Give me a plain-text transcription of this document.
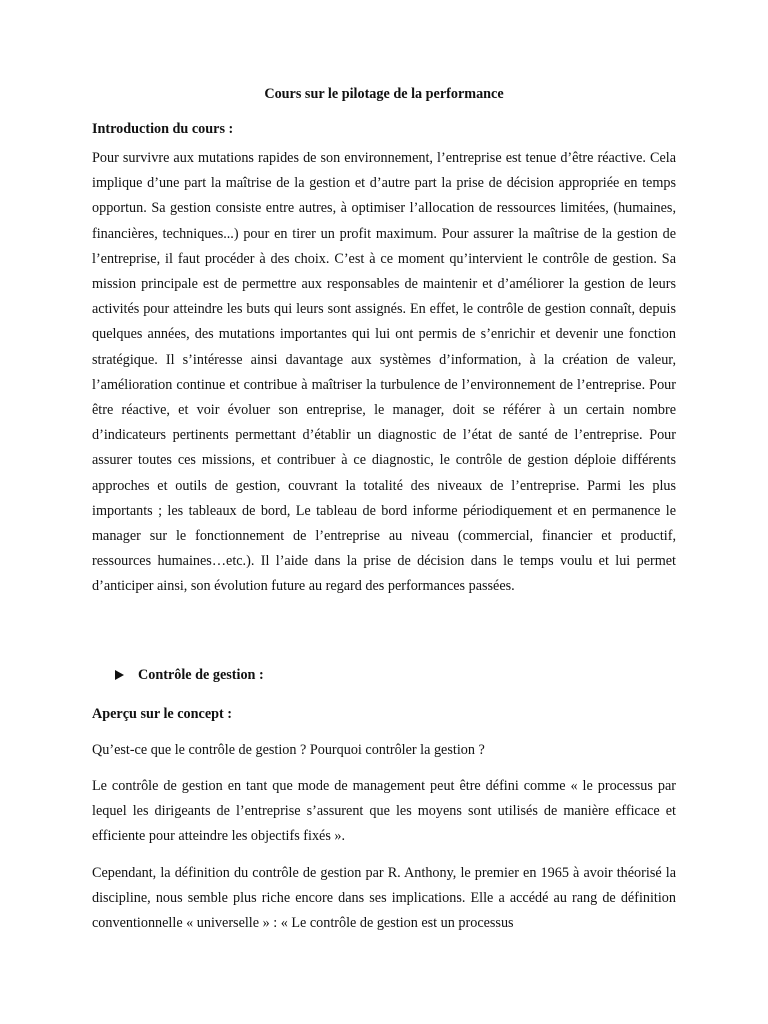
Cours sur le pilotage de la performance
Introduction du cours :

Pour survivre aux mutations rapides de son environnement, l’entreprise est tenue d’être réactive. Cela implique d’une part la maîtrise de la gestion et d’autre part la prise de décision appropriée en temps opportun. Sa gestion consiste entre autres, à optimiser l’allocation de ressources limitées, (humaines, financières, techniques...) pour en tirer un profit maximum. Pour assurer la maîtrise de la gestion de l’entreprise, il faut procéder à des choix. C’est à ce moment qu’intervient le contrôle de gestion. Sa mission principale est de permettre aux responsables de maintenir et d’améliorer la gestion de leurs activités pour atteindre les buts qui leurs sont assignés. En effet, le contrôle de gestion connaît, depuis quelques années, des mutations importantes qui lui ont permis de s’enrichir et devenir une fonction stratégique. Il s’intéresse ainsi davantage aux systèmes d’information, à la création de valeur, l’amélioration continue et contribue à maîtriser la turbulence de l’environnement de l’entreprise. Pour être réactive, et voir évoluer son entreprise, le manager, doit se référer à un certain nombre d’indicateurs pertinents permettant d’établir un diagnostic de l’état de santé de l’entreprise. Pour assurer toutes ces missions, et contribuer à ce diagnostic, le contrôle de gestion déploie différents approches et outils de gestion, couvrant la totalité des niveaux de l’entreprise. Parmi les plus importants ; les tableaux de bord, Le tableau de bord informe périodiquement et en permanence le manager sur le fonctionnement de l’entreprise au niveau (commercial, financier et productif, ressources humaines…etc.). Il l’aide dans la prise de décision dans le temps voulu et lui permet d’anticiper ainsi, son évolution future au regard des performances passées.

Contrôle de gestion :
Aperçu sur le concept :

Qu’est-ce que le contrôle de gestion ? Pourquoi contrôler la gestion ?

Le contrôle de gestion en tant que mode de management peut être défini comme « le processus par lequel les dirigeants de l’entreprise s’assurent que les moyens sont utilisés de manière efficace et efficiente pour atteindre les objectifs fixés ».

Cependant, la définition du contrôle de gestion par R. Anthony, le premier en 1965 à avoir théorisé la discipline, nous semble plus riche encore dans ses implications. Elle a accédé au rang de définition conventionnelle « universelle » : « Le contrôle de gestion est un processus
